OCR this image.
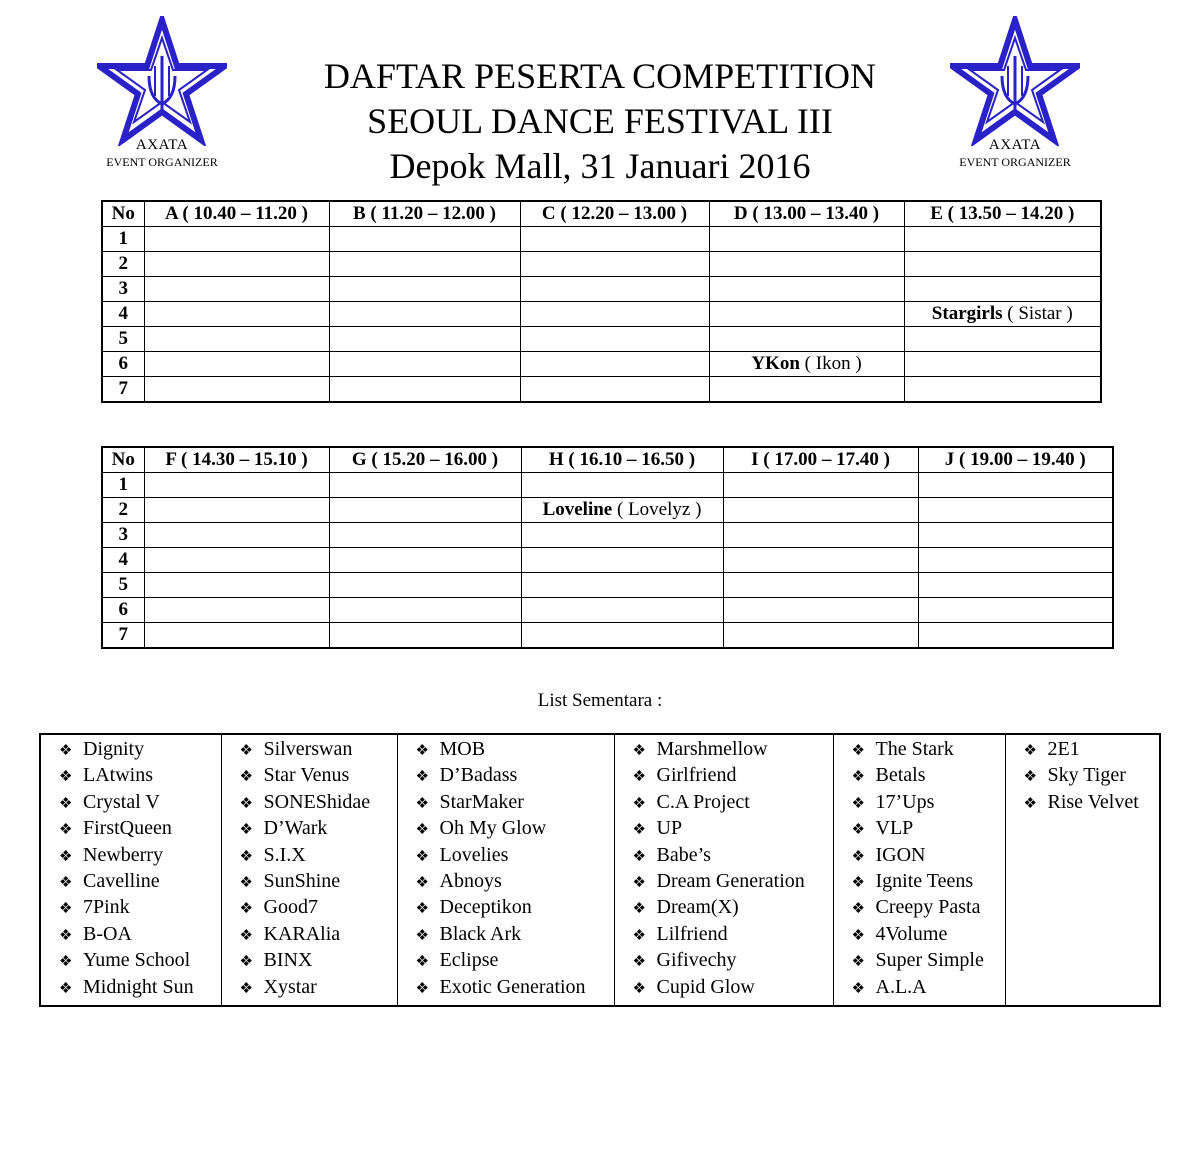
AXATA
EVENT ORGANIZER
AXATA
EVENT ORGANIZER
DAFTAR PESERTA COMPETITION
SEOUL DANCE FESTIVAL III
Depok Mall, 31 Januari 2016
No	A ( 10.40 – 11.20 )	B ( 11.20 – 12.00 )	C ( 12.20 – 13.00 )	D ( 13.00 – 13.40 )	E ( 13.50 – 14.20 )
1					
2					
3					
4					Stargirls ( Sistar )
5					
6				YKon ( Ikon )	
7					
No	F ( 14.30 – 15.10 )	G ( 15.20 – 16.00 )	H ( 16.10 – 16.50 )	I ( 17.00 – 17.40 )	J ( 19.00 – 19.40 )
1					
2			Loveline ( Lovelyz )		
3					
4					
5					
6					
7					
List Sementara :
❖ Dignity
❖ LAtwins
❖ Crystal V
❖ FirstQueen
❖ Newberry
❖ Cavelline
❖ 7Pink
❖ B-OA
❖ Yume School
❖ Midnight Sun

❖ Silverswan
❖ Star Venus
❖ SONEShidae
❖ D’Wark
❖ S.I.X
❖ SunShine
❖ Good7
❖ KARAlia
❖ BINX
❖ Xystar

❖ MOB
❖ D’Badass
❖ StarMaker
❖ Oh My Glow
❖ Lovelies
❖ Abnoys
❖ Deceptikon
❖ Black Ark
❖ Eclipse
❖ Exotic Generation

❖ Marshmellow
❖ Girlfriend
❖ C.A Project
❖ UP
❖ Babe’s
❖ Dream Generation
❖ Dream(X)
❖ Lilfriend
❖ Gifivechy
❖ Cupid Glow

❖ The Stark
❖ Betals
❖ 17’Ups
❖ VLP
❖ IGON
❖ Ignite Teens
❖ Creepy Pasta
❖ 4Volume
❖ Super Simple
❖ A.L.A

❖ 2E1
❖ Sky Tiger
❖ Rise Velvet
